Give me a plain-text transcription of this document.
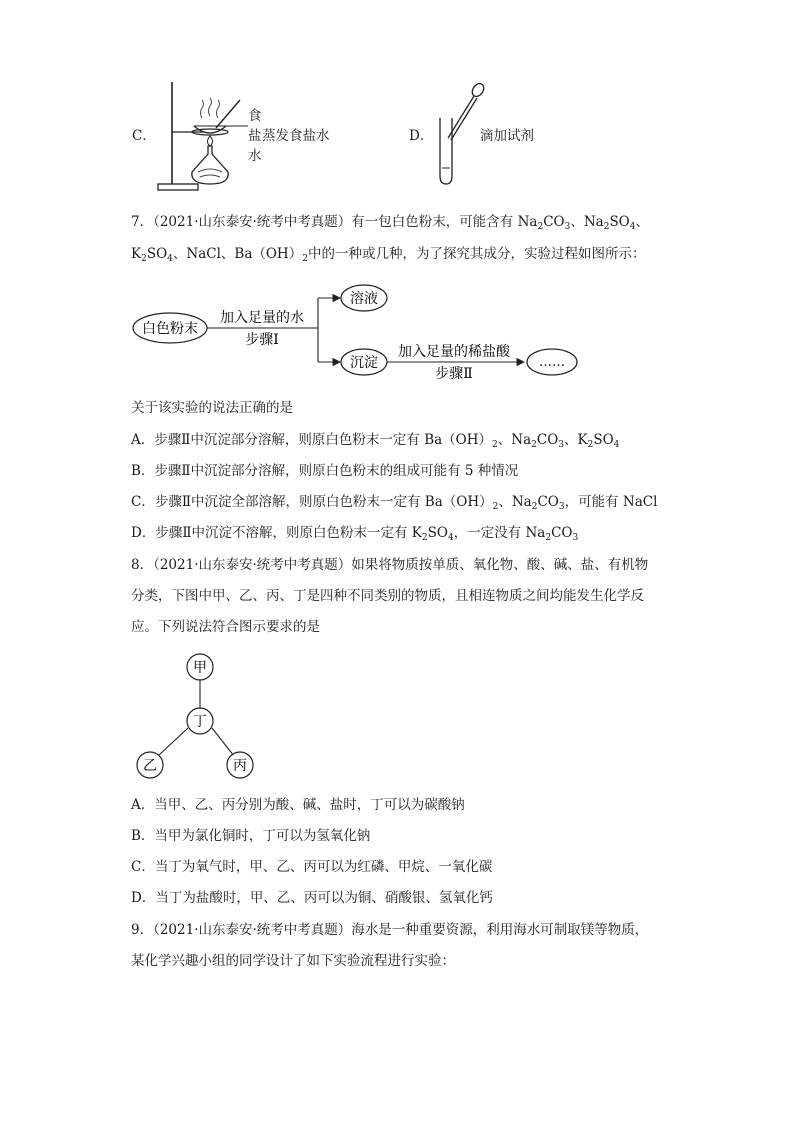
C．
食
盐
水
蒸发食盐水	D．	滴加试剂
7．（2021·山东泰安·统考中考真题）有一包白色粉末，可能含有 $Na_2CO_3$、$Na_2SO_4$、
$K_2SO_4$、NaCl、$Ba(OH)_2$中的一种或几种，为了探究其成分，实验过程如图所示：
白色粉末
加入足量的水
步骤Ⅰ
溶液
沉淀
加入足量的稀盐酸
步骤Ⅱ
……
关于该实验的说法正确的是
A．步骤Ⅱ中沉淀部分溶解，则原白色粉末一定有 $Ba(OH)_2$、$Na_2CO_3$、$K_2SO_4$
B．步骤Ⅱ中沉淀部分溶解，则原白色粉末的组成可能有 5 种情况
C．步骤Ⅱ中沉淀全部溶解，则原白色粉末一定有 $Ba(OH)_2$、$Na_2CO_3$，可能有 NaCl
D．步骤Ⅱ中沉淀不溶解，则原白色粉末一定有 $K_2SO_4$，一定没有 $Na_2CO_3$
8．（2021·山东泰安·统考中考真题）如果将物质按单质、氧化物、酸、碱、盐、有机物
分类，下图中甲、乙、丙、丁是四种不同类别的物质，且相连物质之间均能发生化学反
应。下列说法符合图示要求的是
甲
丁
乙	丙
A．当甲、乙、丙分别为酸、碱、盐时，丁可以为碳酸钠
B．当甲为氯化铜时，丁可以为氢氧化钠
C．当丁为氧气时，甲、乙、丙可以为红磷、甲烷、一氧化碳
D．当丁为盐酸时，甲、乙、丙可以为铜、硝酸银、氢氧化钙
9．（2021·山东泰安·统考中考真题）海水是一种重要资源，利用海水可制取镁等物质，
某化学兴趣小组的同学设计了如下实验流程进行实验：
